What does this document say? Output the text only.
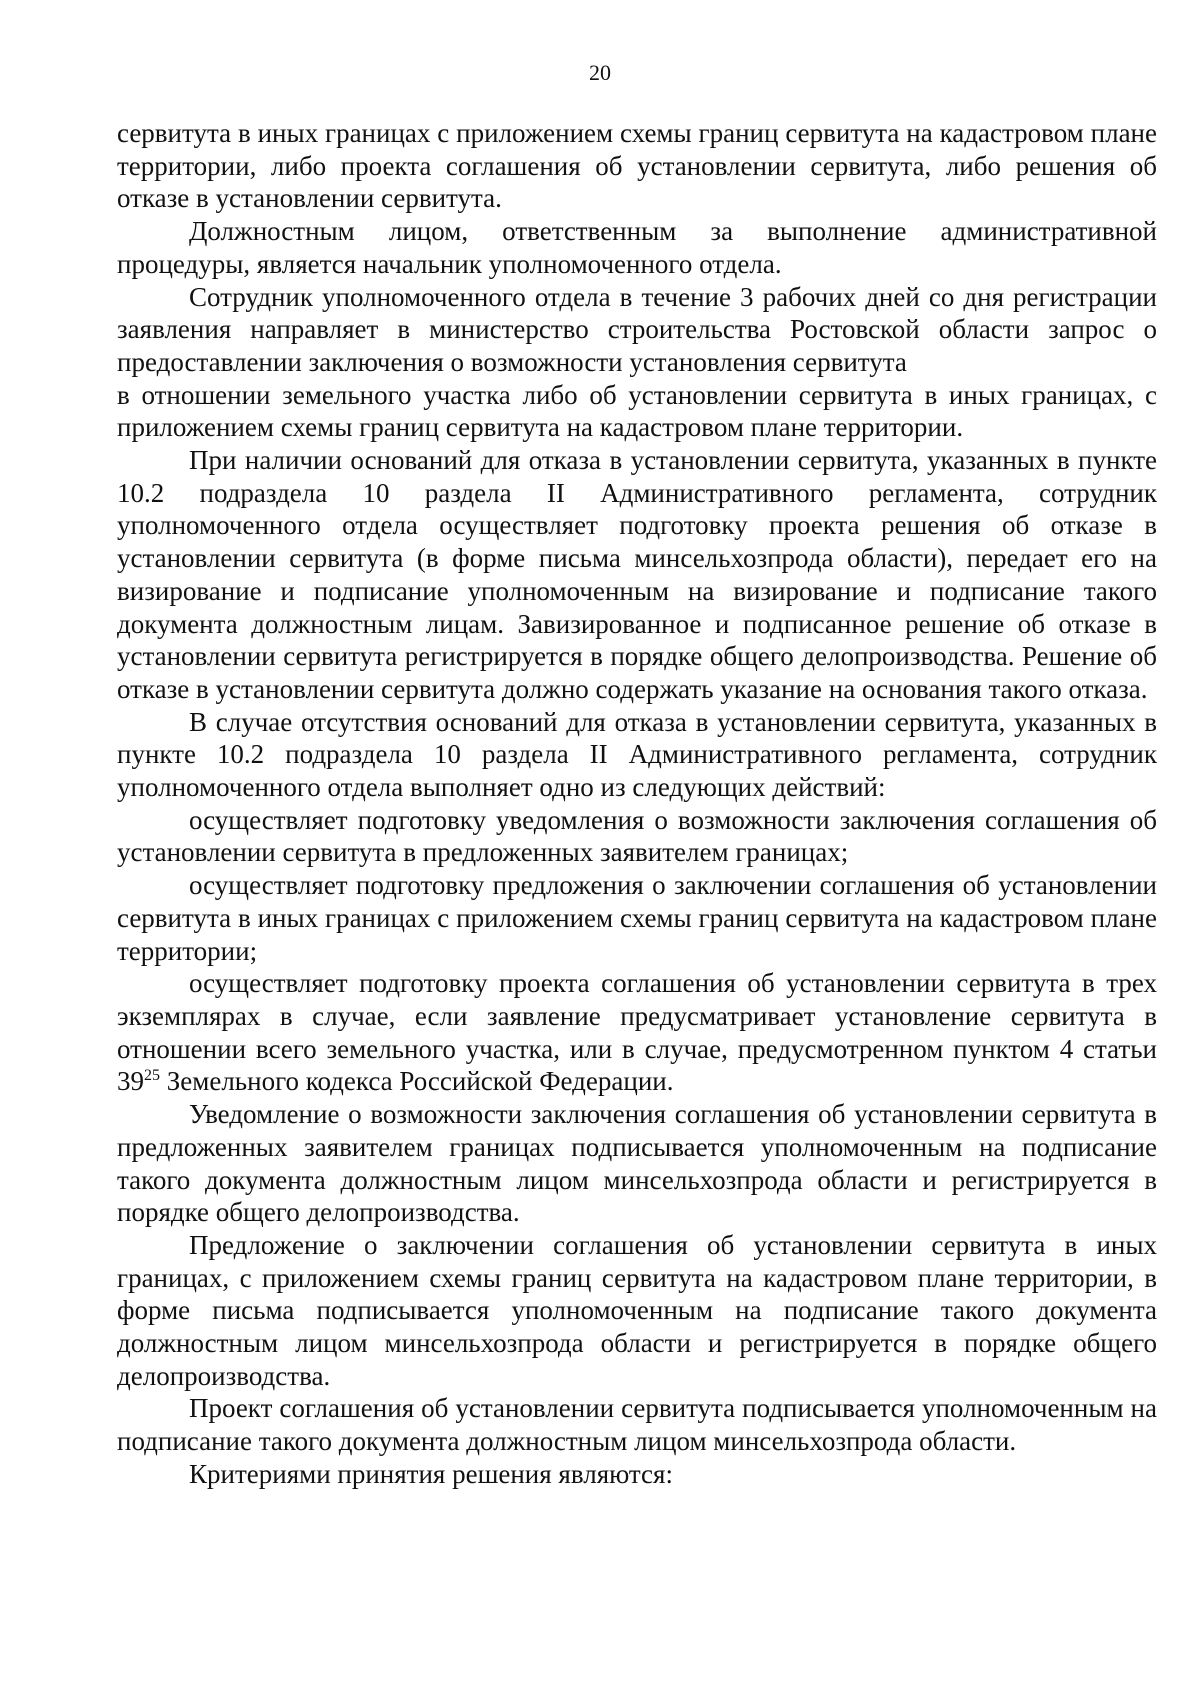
20

сервитута в иных границах с приложением схемы границ сервитута на кадастровом плане территории, либо проекта соглашения об установлении сервитута, либо решения об отказе в установлении сервитута.

Должностным лицом, ответственным за выполнение административной процедуры, является начальник уполномоченного отдела.

Сотрудник уполномоченного отдела в течение 3 рабочих дней со дня регистрации заявления направляет в министерство строительства Ростовской области запрос о предоставлении заключения о возможности установления сервитута

в отношении земельного участка либо об установлении сервитута в иных границах, с приложением схемы границ сервитута на кадастровом плане территории.

При наличии оснований для отказа в установлении сервитута, указанных в пункте 10.2 подраздела 10 раздела II Административного регламента, сотрудник уполномоченного отдела осуществляет подготовку проекта решения об отказе в установлении сервитута (в форме письма минсельхозпрода области), передает его на визирование и подписание уполномоченным на визирование и подписание такого документа должностным лицам. Завизированное и подписанное решение об отказе в установлении сервитута регистрируется в порядке общего делопроизводства. Решение об отказе в установлении сервитута должно содержать указание на основания такого отказа.

В случае отсутствия оснований для отказа в установлении сервитута, указанных в пункте 10.2 подраздела 10 раздела II Административного регламента, сотрудник уполномоченного отдела выполняет одно из следующих действий:

осуществляет подготовку уведомления о возможности заключения соглашения об установлении сервитута в предложенных заявителем границах;

осуществляет подготовку предложения о заключении соглашения об установлении сервитута в иных границах с приложением схемы границ сервитута на кадастровом плане территории;

осуществляет подготовку проекта соглашения об установлении сервитута в трех экземплярах в случае, если заявление предусматривает установление сервитута в отношении всего земельного участка, или в случае, предусмотренном пунктом 4 статьи $39^{25}$ Земельного кодекса Российской Федерации.

Уведомление о возможности заключения соглашения об установлении сервитута в предложенных заявителем границах подписывается уполномоченным на подписание такого документа должностным лицом минсельхозпрода области и регистрируется в порядке общего делопроизводства.

Предложение о заключении соглашения об установлении сервитута в иных границах, с приложением схемы границ сервитута на кадастровом плане территории, в форме письма подписывается уполномоченным на подписание такого документа должностным лицом минсельхозпрода области и регистрируется в порядке общего делопроизводства.

Проект соглашения об установлении сервитута подписывается уполномоченным на подписание такого документа должностным лицом минсельхозпрода области.

Критериями принятия решения являются:
